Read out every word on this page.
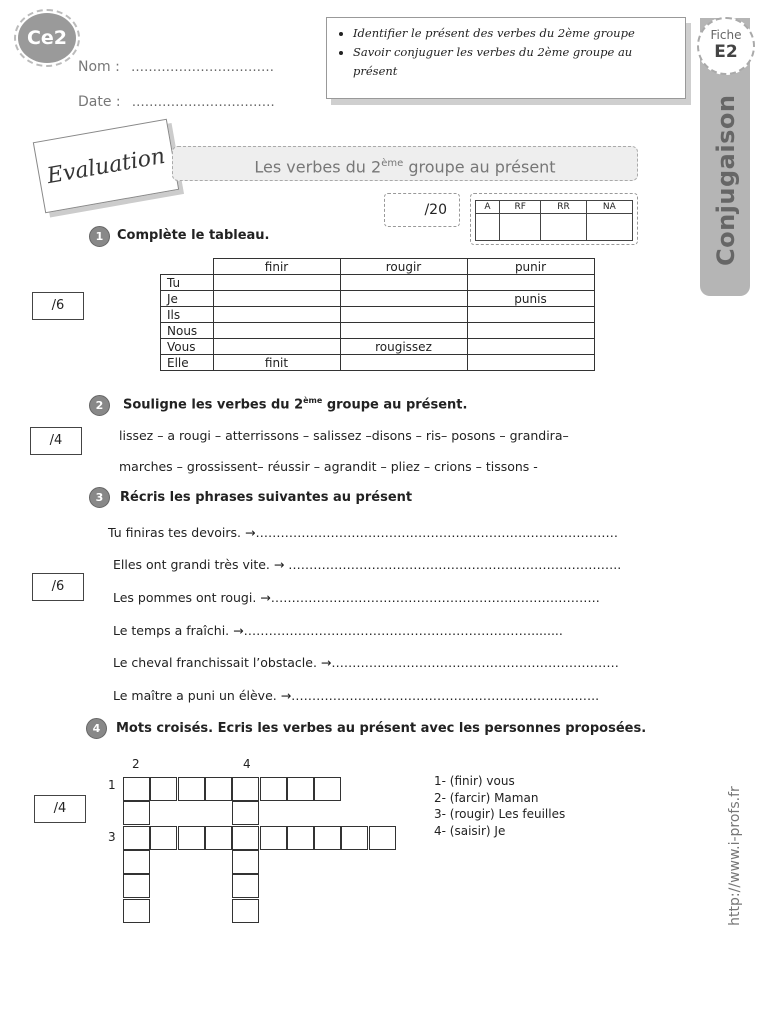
Ce2
Nom : ……………………………
Date : ……………………………
• Identifier le présent des verbes du 2ème groupe
• Savoir conjuguer les verbes du 2ème groupe au présent
Fiche
E2
Conjugaison
Evaluation	Les verbes du 2ème groupe au présent
/20	A	RF	RR	NA

1	Complète le tableau.
/6
	finir	rougir	punir
Tu			
Je			punis
Ils			
Nous			
Vous		rougissez	
Elle	finit		
2	Souligne les verbes du 2ème groupe au présent.
/4	lissez – a rougi – atterrissons – salissez –disons – ris– posons – grandira–
marches – grossissent– réussir – agrandit – pliez – crions – tissons -
3	Récris les phrases suivantes au présent
/6
Tu finiras tes devoirs. →……………………………………………………………………………
Elles ont grandi très vite. → ……………………………………………………………………..
Les pommes ont rougi. →…………………………………………………………………….
Le temps a fraîchi. →……………………………………………………………........
Le cheval franchissait l’obstacle. →……………………………………………………………
Le maître a puni un élève. →………………………………………………………………..
4	Mots croisés. Ecris les verbes au présent avec les personnes proposées.
/4
2	4
1
3
1- (finir) vous
2- (farcir) Maman
3- (rougir) Les feuilles
4- (saisir) Je	http://www.i-profs.fr
